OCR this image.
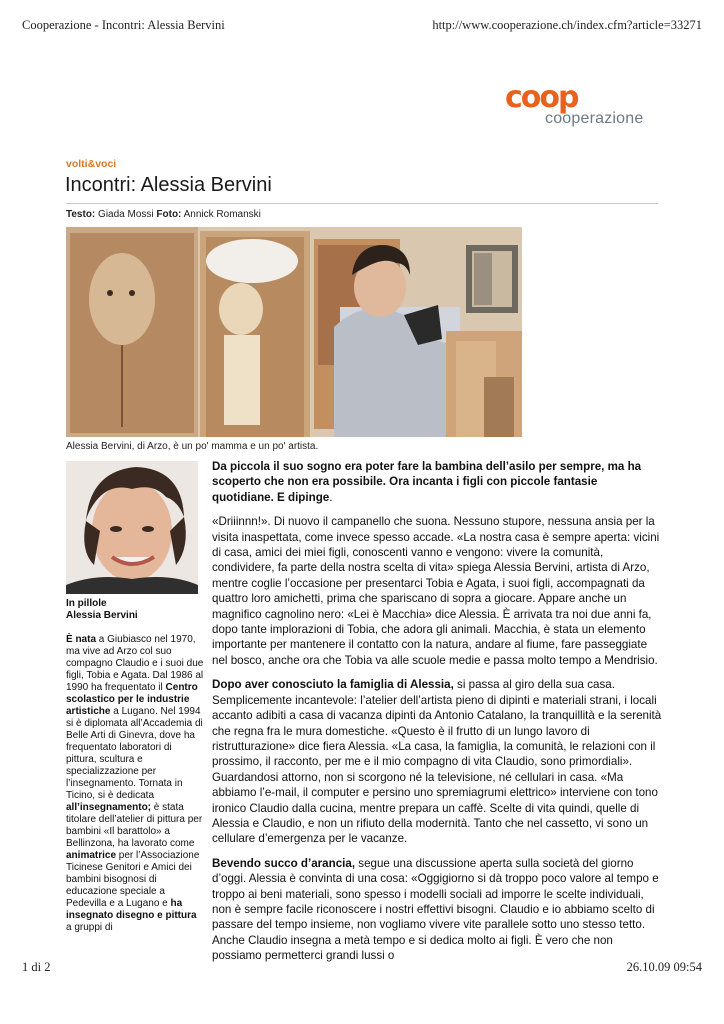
Cooperazione - Incontri: Alessia Bervini	http://www.cooperazione.ch/index.cfm?article=33271
coop
cooperazione
volti&voci
Incontri: Alessia Bervini
Testo: Giada Mossi Foto: Annick Romanski
Alessia Bervini, di Arzo, è un po' mamma e un po' artista.

In pillole

Alessia Bervini

È nata a Giubiasco nel 1970, ma vive ad Arzo col suo compagno Claudio e i suoi due figli, Tobia e Agata. Dal 1986 al 1990 ha frequentato il Centro scolastico per le industrie artistiche a Lugano. Nel 1994 si è diplomata all’Accademia di Belle Arti di Ginevra, dove ha frequentato laboratori di pittura, scultura e specializzazione per l’insegnamento. Tornata in Ticino, si è dedicata all’insegnamento; è stata titolare dell’atelier di pittura per bambini «Il barattolo» a Bellinzona, ha lavorato come animatrice per l’Associazione Ticinese Genitori e Amici dei bambini bisognosi di educazione speciale a Pedevilla e a Lugano e ha insegnato disegno e pittura a gruppi di

Da piccola il suo sogno era poter fare la bambina dell’asilo per sempre, ma ha scoperto che non era possibile. Ora incanta i figli con piccole fantasie quotidiane. E dipinge.

«Driiinnn!». Di nuovo il campanello che suona. Nessuno stupore, nessuna ansia per la visita inaspettata, come invece spesso accade. «La nostra casa è sempre aperta: vicini di casa, amici dei miei figli, conoscenti vanno e vengono: vivere la comunità, condividere, fa parte della nostra scelta di vita» spiega Alessia Bervini, artista di Arzo, mentre coglie l’occasione per presentarci Tobia e Agata, i suoi figli, accompagnati da quattro loro amichetti, prima che spariscano di sopra a giocare. Appare anche un magnifico cagnolino nero: «Lei è Macchia» dice Alessia. È arrivata tra noi due anni fa, dopo tante implorazioni di Tobia, che adora gli animali. Macchia, è stata un elemento importante per mantenere il contatto con la natura, andare al fiume, fare passeggiate nel bosco, anche ora che Tobia va alle scuole medie e passa molto tempo a Mendrisio.

Dopo aver conosciuto la famiglia di Alessia, si passa al giro della sua casa. Semplicemente incantevole: l’atelier dell’artista pieno di dipinti e materiali strani, i locali accanto adibiti a casa di vacanza dipinti da Antonio Catalano, la tranquillità e la serenità che regna fra le mura domestiche. «Questo è il frutto di un lungo lavoro di ristrutturazione» dice fiera Alessia. «La casa, la famiglia, la comunità, le relazioni con il prossimo, il racconto, per me e il mio compagno di vita Claudio, sono primordiali». Guardandosi attorno, non si scorgono né la televisione, né cellulari in casa. «Ma abbiamo l’e-mail, il computer e persino uno spremiagrumi elettrico» interviene con tono ironico Claudio dalla cucina, mentre prepara un caffè. Scelte di vita quindi, quelle di Alessia e Claudio, e non un rifiuto della modernità. Tanto che nel cassetto, vi sono un cellulare d’emergenza per le vacanze.

Bevendo succo d’arancia, segue una discussione aperta sulla società del giorno d’oggi. Alessia è convinta di una cosa: «Oggigiorno si dà troppo poco valore al tempo e troppo ai beni materiali, sono spesso i modelli sociali ad imporre le scelte individuali, non è sempre facile riconoscere i nostri effettivi bisogni. Claudio e io abbiamo scelto di passare del tempo insieme, non vogliamo vivere vite parallele sotto uno stesso tetto. Anche Claudio insegna a metà tempo e si dedica molto ai figli. È vero che non possiamo permetterci grandi lussi o

1 di 2	26.10.09 09:54
